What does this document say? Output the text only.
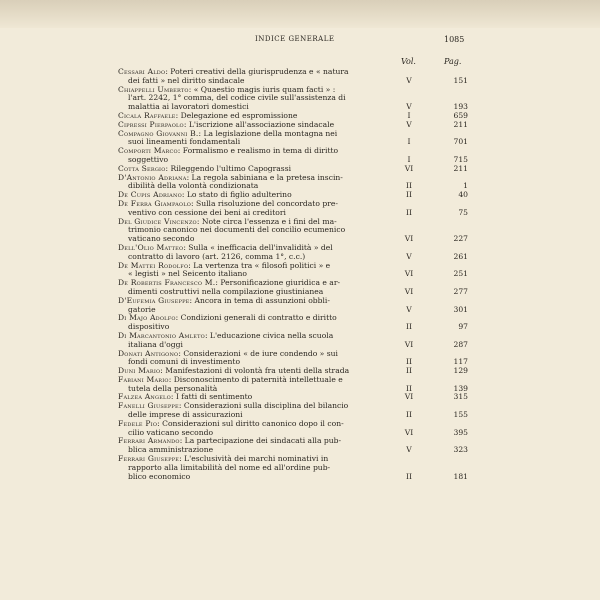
INDICE GENERALE	1085
Vol.	Pag.
Cessari Aldo: Poteri creativi della giurisprudenza e « natura
dei fatti » nel diritto sindacale	V	151
Chiappelli Umberto: « Quaestio magis iuris quam facti » :
l'art. 2242, 1° comma, del codice civile sull'assistenza di
malattia ai lavoratori domestici	V	193
Cicala Raffaele: Delegazione ed espromissione	I	659
Cipressi Pierpaolo: L'iscrizione all'associazione sindacale	V	211
Compagno Giovanni B.: La legislazione della montagna nei
suoi lineamenti fondamentali	I	701
Comporti Marco: Formalismo e realismo in tema di diritto
soggettivo	I	715
Cotta Sergio: Rileggendo l'ultimo Capograssi	VI	211
D'Antonio Adriana: La regola sabiniana e la pretesa inscin-
dibilità della volontà condizionata	II	1
De Cupis Adriano: Lo stato di figlio adulterino	II	40
De Ferra Giampaolo: Sulla risoluzione del concordato pre-
ventivo con cessione dei beni ai creditori	II	75
Del Giudice Vincenzo: Note circa l'essenza e i fini del ma-
trimonio canonico nei documenti del concilio ecumenico
vaticano secondo	VI	227
Dell'Olio Matteo: Sulla « inefficacia dell'invalidità » del
contratto di lavoro (art. 2126, comma 1°, c.c.)	V	261
De Mattei Rodolfo: La vertenza tra « filosofi politici » e
« legisti » nel Seicento italiano	VI	251
De Robertis Francesco M.: Personificazione giuridica e ar-
dimenti costruttivi nella compilazione giustinianea	VI	277
D'Eufemia Giuseppe: Ancora in tema di assunzioni obbli-
gatorie	V	301
Di Majo Adolfo: Condizioni generali di contratto e diritto
dispositivo	II	97
Di Marcantonio Amleto: L'educazione civica nella scuola
italiana d'oggi	VI	287
Donati Antigono: Considerazioni « de iure condendo » sui
fondi comuni di investimento	II	117
Duni Mario: Manifestazioni di volontà fra utenti della strada	II	129
Fabiani Mario: Disconoscimento di paternità intellettuale e
tutela della personalità	II	139
Falzea Angelo: I fatti di sentimento	VI	315
Fanelli Giuseppe: Considerazioni sulla disciplina del bilancio
delle imprese di assicurazioni	II	155
Fedele Pio: Considerazioni sul diritto canonico dopo il con-
cilio vaticano secondo	VI	395
Ferrari Armando: La partecipazione dei sindacati alla pub-
blica amministrazione	V	323
Ferrari Giuseppe: L'esclusività dei marchi nominativi in
rapporto alla limitabilità del nome ed all'ordine pub-
blico economico	II	181
